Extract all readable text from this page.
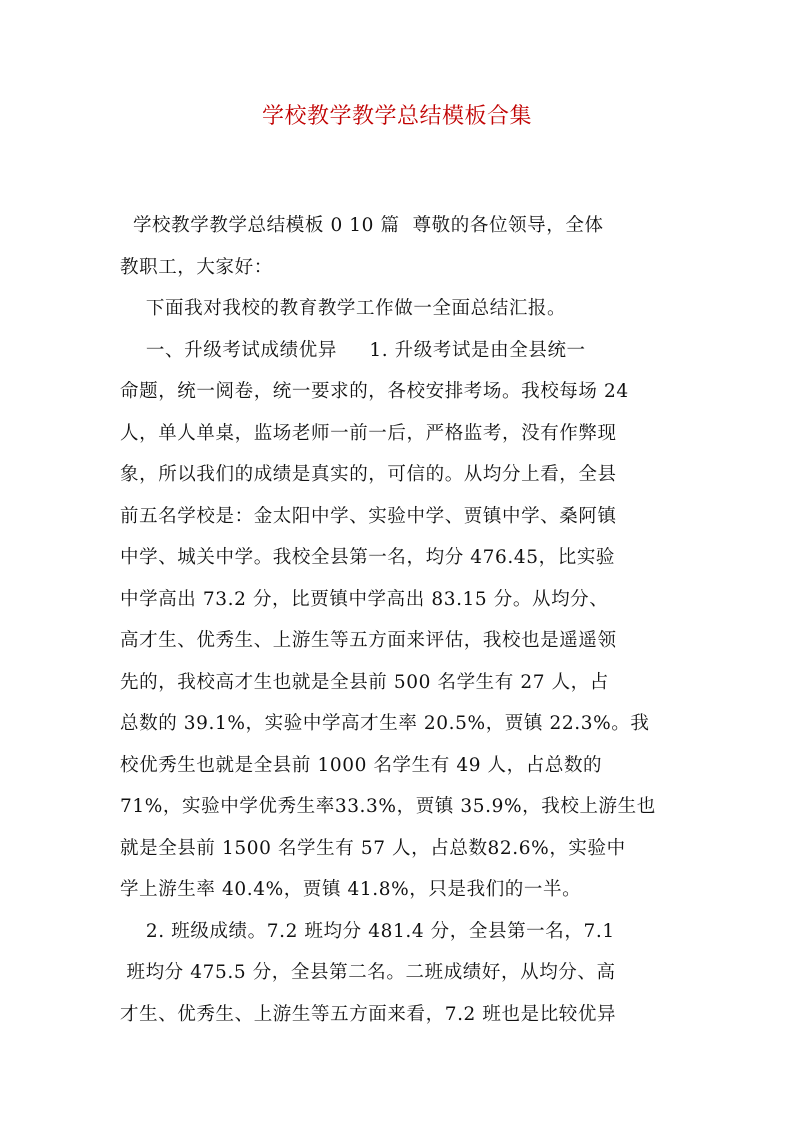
学校教学教学总结模板合集
学校教学教学总结模板 0 10 篇  尊敬的各位领导，全体
教职工，大家好：
下面我对我校的教育教学工作做一全面总结汇报。
一、升级考试成绩优异     1. 升级考试是由全县统一
命题，统一阅卷，统一要求的，各校安排考场。我校每场 24
人，单人单桌，监场老师一前一后，严格监考，没有作弊现
象，所以我们的成绩是真实的，可信的。从均分上看，全县
前五名学校是：金太阳中学、实验中学、贾镇中学、桑阿镇
中学、城关中学。我校全县第一名，均分 476.45，比实验
中学高出 73.2 分，比贾镇中学高出 83.15 分。从均分、
高才生、优秀生、上游生等五方面来评估，我校也是遥遥领
先的，我校高才生也就是全县前 500 名学生有 27 人，占
总数的 39.1%，实验中学高才生率 20.5%，贾镇 22.3%。我
校优秀生也就是全县前 1000 名学生有 49 人，占总数的
71%，实验中学优秀生率33.3%，贾镇 35.9%，我校上游生也
就是全县前 1500 名学生有 57 人，占总数82.6%，实验中
学上游生率 40.4%，贾镇 41.8%，只是我们的一半。
2. 班级成绩。7.2 班均分 481.4 分，全县第一名，7.1
班均分 475.5 分，全县第二名。二班成绩好，从均分、高
才生、优秀生、上游生等五方面来看，7.2 班也是比较优异
